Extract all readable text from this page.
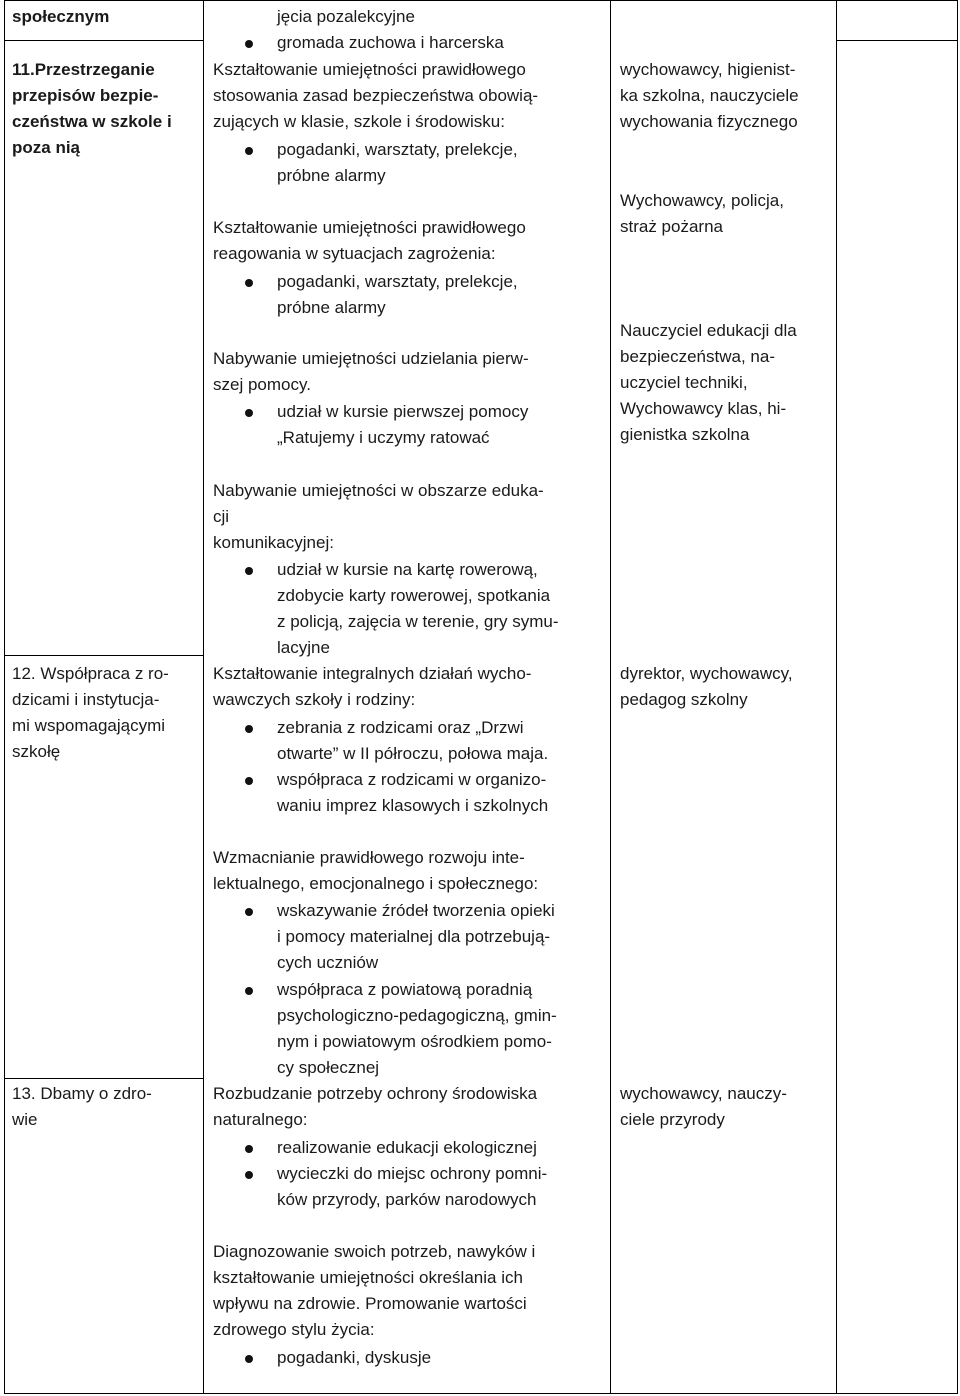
społecznym
11.Przestrzeganie
przepisów bezpie-
czeństwa w szkole i
poza nią
12. Współpraca z ro-
dzicami i instytucja-
mi wspomagającymi
szkołę
13. Dbamy o zdro-
wie
jęcia pozalekcyjne
gromada zuchowa i harcerska
Kształtowanie umiejętności prawidłowego
stosowania zasad bezpieczeństwa obowią-
zujących w klasie, szkole i środowisku:
pogadanki, warsztaty, prelekcje,
próbne alarmy
Kształtowanie umiejętności prawidłowego
reagowania w sytuacjach zagrożenia:
pogadanki, warsztaty, prelekcje,
próbne alarmy
Nabywanie umiejętności udzielania pierw-
szej pomocy.
udział w kursie pierwszej pomocy
„Ratujemy i uczymy ratować
Nabywanie umiejętności w obszarze eduka-
cji
komunikacyjnej:
udział w kursie na kartę rowerową,
zdobycie karty rowerowej, spotkania
z policją, zajęcia w terenie, gry symu-
lacyjne
Kształtowanie integralnych działań wycho-
wawczych szkoły i rodziny:
zebrania z rodzicami oraz „Drzwi
otwarte” w II półroczu, połowa maja.
współpraca z rodzicami w organizo-
waniu imprez klasowych i szkolnych
Wzmacnianie prawidłowego rozwoju inte-
lektualnego, emocjonalnego i społecznego:
wskazywanie źródeł tworzenia opieki
i pomocy materialnej dla potrzebują-
cych uczniów
współpraca z powiatową poradnią
psychologiczno-pedagogiczną, gmin-
nym i powiatowym ośrodkiem pomo-
cy społecznej
Rozbudzanie potrzeby ochrony środowiska
naturalnego:
realizowanie edukacji ekologicznej
wycieczki do miejsc ochrony pomni-
ków przyrody, parków narodowych
Diagnozowanie swoich potrzeb, nawyków i
kształtowanie umiejętności określania ich
wpływu na zdrowie. Promowanie wartości
zdrowego stylu życia:
pogadanki, dyskusje
wychowawcy, higienist-
ka szkolna, nauczyciele
wychowania fizycznego
Wychowawcy, policja,
straż pożarna
Nauczyciel edukacji dla
bezpieczeństwa, na-
uczyciel techniki,
Wychowawcy klas, hi-
gienistka szkolna
dyrektor, wychowawcy,
pedagog szkolny
wychowawcy, nauczy-
ciele przyrody
